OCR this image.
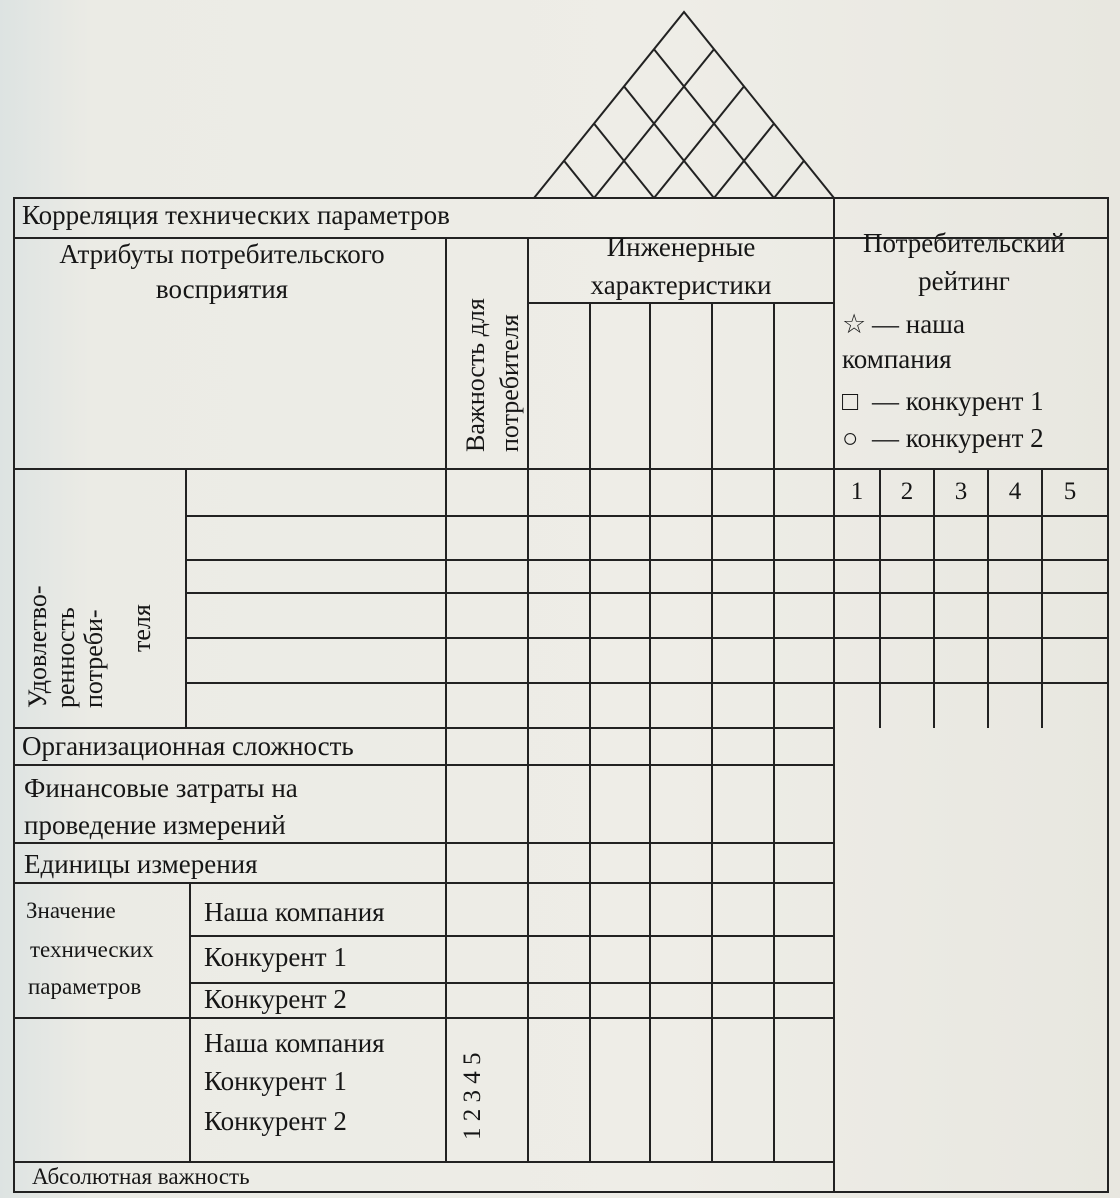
Корреляция технических параметров
Атрибуты потребительского
восприятия
Важность для потребителя
Инженерные
характеристики
Потребительский
рейтинг
☆ — наша
компания
□ — конкурент 1
○ — конкурент 2
1 2 3 4 5
Удовлетво- ренность потреби- теля
Организационная сложность
Финансовые затраты на
проведение измерений
Единицы измерения
Значение
технических
параметров
Наша компания
Конкурент 1
Конкурент 2
Наша компания
Конкурент 1
Конкурент 2	1 2 3 4 5
Абсолютная важность
